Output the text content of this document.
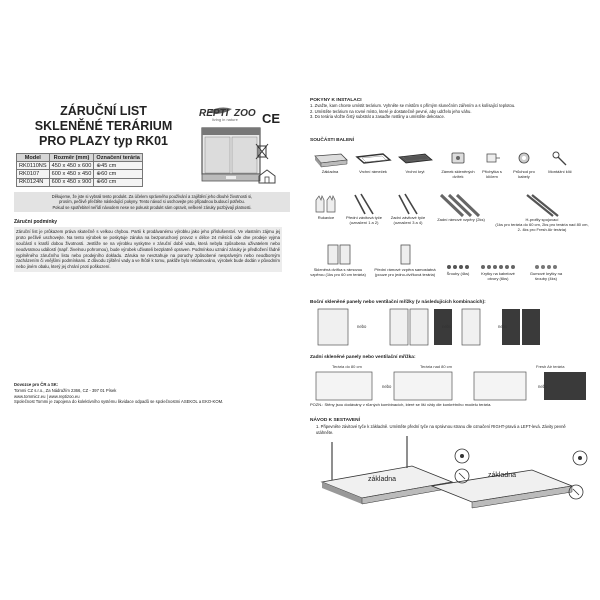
ZÁRUČNÍ LIST
SKLENĚNÉ TERÁRIUM
PRO PLAZY typ RK01
REPTI ZOO
living in nature CE
Model	Rozměr (mm)	Označení terária
RK0110NS	450 x 450 x 600	⊕45 cm
RK0107	600 x 450 x 450	⊕60 cm
RK0124N	600 x 450 x 900	⊕60 cm
Děkujeme, že jste si vybrali tento produkt. Za účelem správného používání a zajištění jeho dlouhé životnosti si,
prosím, pečlivě přečtěte následující pokyny. Tento návod si uschovejte pro případnou budoucí potřebu.
Pokud se spotřebitel neřídí návodem nese se pokusit produkt sám opravit, veškeré záruky pozbývají platnosti.
Záruční podmínky
Záruční list je průkazem práva skutečně s velkou chybou. Partii k prodávanému výrobku jako jeho příslušenství. Ve vlastním zájmu jej proto pečlivě uschovejte. Na tento výrobek se poskytuje záruka na bezporuchový provoz v délce 24 měsíců ode dne prodeje vyjma součástí s kratší dobou životnosti. Jestliže se na výrobku vyskytne v záruční době vada, která nebyla způsobena uživatelem nebo neodvratnou událostí (např. živelnou pohromou), bude výrobek uživateli bezplatně opraven. Podmínkou uznání záruky je předložení řádně vyplněného záručního listu nebo prodejního dokladu. Záruka se nevztahuje na poruchy způsobené nesprávným nebo neodborným zacházením či vnějšími podmínkami. Z důvodu zjištění vady a ve lhůtě k tomu, pakliže bylo reklamováno, výrobek bude dodán v původním nebo jiném obalu, který jej chrání proti poškození.
Dovozce pro ČR a SK:
Tommi CZ s.r.o., Za Nádražím 2366, CZ - 397 01 Písek
www.tommicz.eu | www.reptizoo.eu
Společnost Tommi je zapojena do kolektivního systému likvidace odpadů se společnostmi ASEKOL a EKO-KOM.
POKYNY K INSTALACI
1. Zvažte, kam chcete umístit terárium. Vyhněte se místům s přímým slunečním zářením a s kolísající teplotou.
2. Umístěte terárium na rovné místo, které je dostatečně pevné, aby udrželo jeho váhu.
3. Do terária vložte čistý substrát a zasaďte rostliny a umístěte dekorace.
SOUČÁSTI BALENÍ
Základna	Vrchní rámeček	Vrchní kryt	Zámek skleněných dvířek
Příchytka s klíčem
Průchod pro kabely
Montážní klíč
Rukavice	Přední závitová tyče (označení 1 a 2)
Zadní závitové tyče (označení 3 a 4)
Zadní rámové vzpěry (2ks)	H-profily spojovací
(1ks pro terária do 60 cm, 2ks pro terária nad 80 cm, 2- 4ks pro Fresh Air terária)
Skleněná dvířka s rámovou vzpěrou (1ks pro 60 cm terária)
Přední rámové vzpěra samostatná (pouze pro jedno-dvířková terária)	Šrouby (4ks)	Krytky na kabelové otvory (6ks)
Gumové krytky na šrouby (4ks)
Boční skleněné panely nebo ventilační mřížky (v následujících kombinacích):
nebo	nebo	nebo
Zadní skleněné panely nebo ventilační mřížka:
Terária do 80 cm	Terária nad 80 cm	Fresh Air terária
nebo	nebo
POZN.: Stěny jsou dodávány v různých kombinacích, které se liší vždy dle konkrétního modelu terária.
NÁVOD K SESTAVENÍ
1. Připevněte závitové tyče k základně. Umístěte přední tyče na správnou stranu dle označení RIGHT-pravá a LEFT-levá. Závity pevně utáhněte.
základna
základna
